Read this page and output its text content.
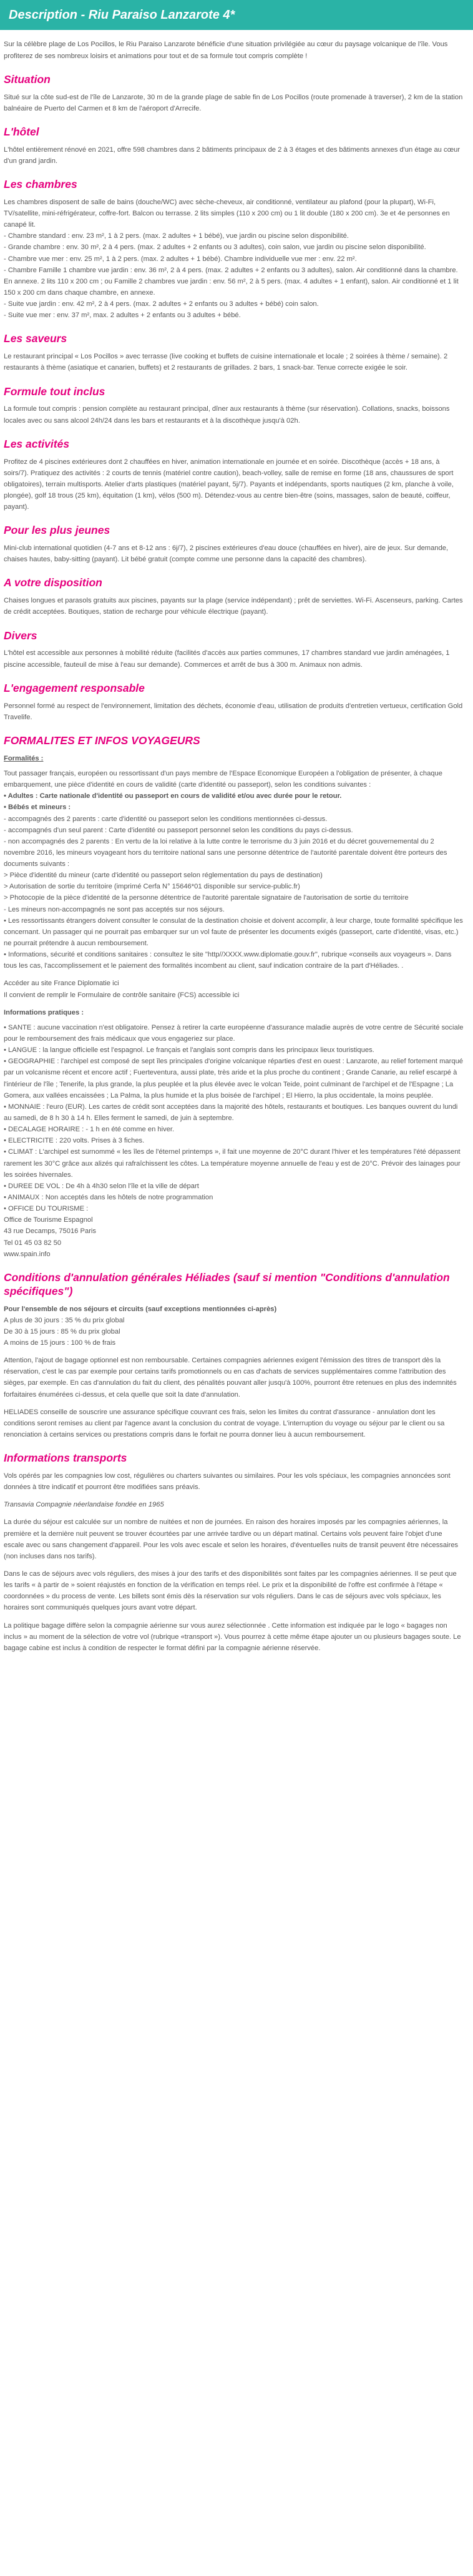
Description - Riu Paraiso Lanzarote 4*

Sur la célèbre plage de Los Pocillos, le Riu Paraiso Lanzarote bénéficie d'une situation privilégiée au cœur du paysage volcanique de l'île. Vous profiterez de ses nombreux loisirs et animations pour tout et de sa formule tout compris complète !

Situation

Situé sur la côte sud-est de l'île de Lanzarote, 30 m de la grande plage de sable fin de Los Pocillos (route promenade à traverser), 2 km de la station balnéaire de Puerto del Carmen et 8 km de l'aéroport d'Arrecife.

L'hôtel

L'hôtel entièrement rénové en 2021, offre 598 chambres dans 2 bâtiments principaux de 2 à 3 étages et des bâtiments annexes d'un étage au cœur d'un grand jardin.

Les chambres

Les chambres disposent de salle de bains (douche/WC) avec sèche-cheveux, air conditionné, ventilateur au plafond (pour la plupart), Wi-Fi, TV/satellite, mini-réfrigérateur, coffre-fort. Balcon ou terrasse. 2 lits simples (110 x 200 cm) ou 1 lit double (180 x 200 cm). 3e et 4e personnes en canapé lit.

- Chambre standard : env. 23 m², 1 à 2 pers. (max. 2 adultes + 1 bébé), vue jardin ou piscine selon disponibilité.

- Grande chambre : env. 30 m², 2 à 4 pers. (max. 2 adultes + 2 enfants ou 3 adultes), coin salon, vue jardin ou piscine selon disponibilité.

- Chambre vue mer : env. 25 m², 1 à 2 pers. (max. 2 adultes + 1 bébé). Chambre individuelle vue mer : env. 22 m².

- Chambre Famille 1 chambre vue jardin : env. 36 m², 2 à 4 pers. (max. 2 adultes + 2 enfants ou 3 adultes), salon. Air conditionné dans la chambre. En annexe. 2 lits 110 x 200 cm ; ou Famille 2 chambres vue jardin : env. 56 m², 2 à 5 pers. (max. 4 adultes + 1 enfant), salon. Air conditionné et 1 lit 150 x 200 cm dans chaque chambre, en annexe.

- Suite vue jardin : env. 42 m², 2 à 4 pers. (max. 2 adultes + 2 enfants ou 3 adultes + bébé) coin salon.

- Suite vue mer : env. 37 m², max. 2 adultes + 2 enfants ou 3 adultes + bébé.

Les saveurs

Le restaurant principal « Los Pocillos » avec terrasse (live cooking et buffets de cuisine internationale et locale ; 2 soirées à thème / semaine). 2 restaurants à thème (asiatique et canarien, buffets) et 2 restaurants de grillades. 2 bars, 1 snack-bar. Tenue correcte exigée le soir.

Formule tout inclus

La formule tout compris : pension complète au restaurant principal, dîner aux restaurants à thème (sur réservation). Collations, snacks, boissons locales avec ou sans alcool 24h/24 dans les bars et restaurants et à la discothèque jusqu'à 02h.

Les activités

Profitez de 4 piscines extérieures dont 2 chauffées en hiver, animation internationale en journée et en soirée. Discothèque (accès + 18 ans, à soirs/7). Pratiquez des activités : 2 courts de tennis (matériel contre caution), beach-volley, salle de remise en forme (18 ans, chaussures de sport obligatoires), terrain multisports. Atelier d'arts plastiques (matériel payant, 5j/7). Payants et indépendants, sports nautiques (2 km, planche à voile, plongée), golf 18 trous (25 km), équitation (1 km), vélos (500 m). Détendez-vous au centre bien-être (soins, massages, salon de beauté, coiffeur, payant).

Pour les plus jeunes

Mini-club international quotidien (4-7 ans et 8-12 ans : 6j/7), 2 piscines extérieures d'eau douce (chauffées en hiver), aire de jeux. Sur demande, chaises hautes, baby-sitting (payant). Lit bébé gratuit (compte comme une personne dans la capacité des chambres).

A votre disposition

Chaises longues et parasols gratuits aux piscines, payants sur la plage (service indépendant) ; prêt de serviettes. Wi-Fi. Ascenseurs, parking. Cartes de crédit acceptées. Boutiques, station de recharge pour véhicule électrique (payant).

Divers

L'hôtel est accessible aux personnes à mobilité réduite (facilités d'accès aux parties communes, 17 chambres standard vue jardin aménagées, 1 piscine accessible, fauteuil de mise à l'eau sur demande). Commerces et arrêt de bus à 300 m. Animaux non admis.

L'engagement responsable

Personnel formé au respect de l'environnement, limitation des déchets, économie d'eau, utilisation de produits d'entretien vertueux, certification Gold Travelife.

FORMALITES ET INFOS VOYAGEURS

Formalités :

Tout passager français, européen ou ressortissant d'un pays membre de l'Espace Economique Européen a l'obligation de présenter, à chaque embarquement, une pièce d'identité en cours de validité (carte d'identité ou passeport), selon les conditions suivantes :

• Adultes : Carte nationale d'identité ou passeport en cours de validité et/ou avec durée pour le retour.

• Bébés et mineurs :

- accompagnés des 2 parents : carte d'identité ou passeport selon les conditions mentionnées ci-dessus.

- accompagnés d'un seul parent : Carte d'identité ou passeport personnel selon les conditions du pays ci-dessus.

- non accompagnés des 2 parents : En vertu de la loi relative à la lutte contre le terrorisme du 3 juin 2016 et du décret gouvernemental du 2 novembre 2016, les mineurs voyageant hors du territoire national sans une personne détentrice de l'autorité parentale doivent être porteurs des documents suivants :

> Pièce d'identité du mineur (carte d'identité ou passeport selon réglementation du pays de destination)

> Autorisation de sortie du territoire (imprimé Cerfa N° 15646*01 disponible sur service-public.fr)

> Photocopie de la pièce d'identité de la personne détentrice de l'autorité parentale signataire de l'autorisation de sortie du territoire

- Les mineurs non-accompagnés ne sont pas acceptés sur nos séjours.

• Les ressortissants étrangers doivent consulter le consulat de la destination choisie et doivent accomplir, à leur charge, toute formalité spécifique les concernant. Un passager qui ne pourrait pas embarquer sur un vol faute de présenter les documents exigés (passeport, carte d'identité, visas, etc.) ne pourrait prétendre à aucun remboursement.

• Informations, sécurité et conditions sanitaires : consultez le site "http//XXXX.www.diplomatie.gouv.fr", rubrique «conseils aux voyageurs ». Dans tous les cas, l'accomplissement et le paiement des formalités incombent au client, sauf indication contraire de la part d'Héliades. .

Accéder au site France Diplomatie ici

Il convient de remplir le Formulaire de contrôle sanitaire (FCS) accessible ici

Informations pratiques :

• SANTE : aucune vaccination n'est obligatoire. Pensez à retirer la carte européenne d'assurance maladie auprès de votre centre de Sécurité sociale pour le remboursement des frais médicaux que vous engageriez sur place.

• LANGUE : la langue officielle est l'espagnol. Le français et l'anglais sont compris dans les principaux lieux touristiques.

• GEOGRAPHIE : l'archipel est composé de sept îles principales d'origine volcanique réparties d'est en ouest : Lanzarote, au relief fortement marqué par un volcanisme récent et encore actif ; Fuerteventura, aussi plate, très aride et la plus proche du continent ; Grande Canarie, au relief escarpé à l'intérieur de l'île ; Tenerife, la plus grande, la plus peuplée et la plus élevée avec le volcan Teide, point culminant de l'archipel et de l'Espagne ; La Gomera, aux vallées encaissées ; La Palma, la plus humide et la plus boisée de l'archipel ; El Hierro, la plus occidentale, la moins peuplée.

• MONNAIE : l'euro (EUR). Les cartes de crédit sont acceptées dans la majorité des hôtels, restaurants et boutiques. Les banques ouvrent du lundi au samedi, de 8 h 30 à 14 h. Elles ferment le samedi, de juin à septembre.

• DECALAGE HORAIRE : - 1 h en été comme en hiver.

• ELECTRICITE : 220 volts. Prises à 3 fiches.

• CLIMAT : L'archipel est surnommé « les îles de l'éternel printemps », il fait une moyenne de 20°C durant l'hiver et les températures l'été dépassent rarement les 30°C grâce aux alizés qui rafraîchissent les côtes. La température moyenne annuelle de l'eau y est de 20°C. Prévoir des lainages pour les soirées hivernales.

• DUREE DE VOL : De 4h à 4h30 selon l'île et la ville de départ

• ANIMAUX : Non acceptés dans les hôtels de notre programmation

• OFFICE DU TOURISME :

Office de Tourisme Espagnol

43 rue Decamps, 75016 Paris

Tel 01 45 03 82 50

www.spain.info

Conditions d'annulation générales Héliades (sauf si mention "Conditions d'annulation spécifiques")

Pour l'ensemble de nos séjours et circuits (sauf exceptions mentionnées ci-après)

A plus de 30 jours : 35 % du prix global

De 30 à 15 jours : 85 % du prix global

A moins de 15 jours : 100 % de frais

Attention, l'ajout de bagage optionnel est non remboursable. Certaines compagnies aériennes exigent l'émission des titres de transport dès la réservation, c'est le cas par exemple pour certains tarifs promotionnels ou en cas d'achats de services supplémentaires comme l'attribution des sièges, par exemple. En cas d'annulation du fait du client, des pénalités pouvant aller jusqu'à 100%, pourront être retenues en plus des indemnités forfaitaires énumérées ci-dessus, et cela quelle que soit la date d'annulation.

HELIADES conseille de souscrire une assurance spécifique couvrant ces frais, selon les limites du contrat d'assurance - annulation dont les conditions seront remises au client par l'agence avant la conclusion du contrat de voyage. L'interruption du voyage ou séjour par le client ou sa renonciation à certains services ou prestations compris dans le forfait ne pourra donner lieu à aucun remboursement.

Informations transports

Vols opérés par les compagnies low cost, régulières ou charters suivantes ou similaires. Pour les vols spéciaux, les compagnies annoncées sont données à titre indicatif et pourront être modifiées sans préavis.

Transavia Compagnie néerlandaise fondée en 1965

La durée du séjour est calculée sur un nombre de nuitées et non de journées. En raison des horaires imposés par les compagnies aériennes, la première et la dernière nuit peuvent se trouver écourtées par une arrivée tardive ou un départ matinal. Certains vols peuvent faire l'objet d'une escale avec ou sans changement d'appareil. Pour les vols avec escale et selon les horaires, d'éventuelles nuits de transit peuvent être nécessaires (non incluses dans nos tarifs).

Dans le cas de séjours avec vols réguliers, des mises à jour des tarifs et des disponibilités sont faites par les compagnies aériennes. Il se peut que les tarifs « à partir de » soient réajustés en fonction de la vérification en temps réel. Le prix et la disponibilité de l'offre est confirmée à l'étape « coordonnées » du process de vente. Les billets sont émis dès la réservation sur vols réguliers. Dans le cas de séjours avec vols spéciaux, les horaires sont communiqués quelques jours avant votre départ.

La politique bagage diffère selon la compagnie aérienne sur vous aurez sélectionnée . Cette information est indiquée par le logo « bagages non inclus » au moment de la sélection de votre vol (rubrique «transport »). Vous pourrez à cette même étape ajouter un ou plusieurs bagages soute. Le bagage cabine est inclus à condition de respecter le format défini par la compagnie aérienne réservée.
